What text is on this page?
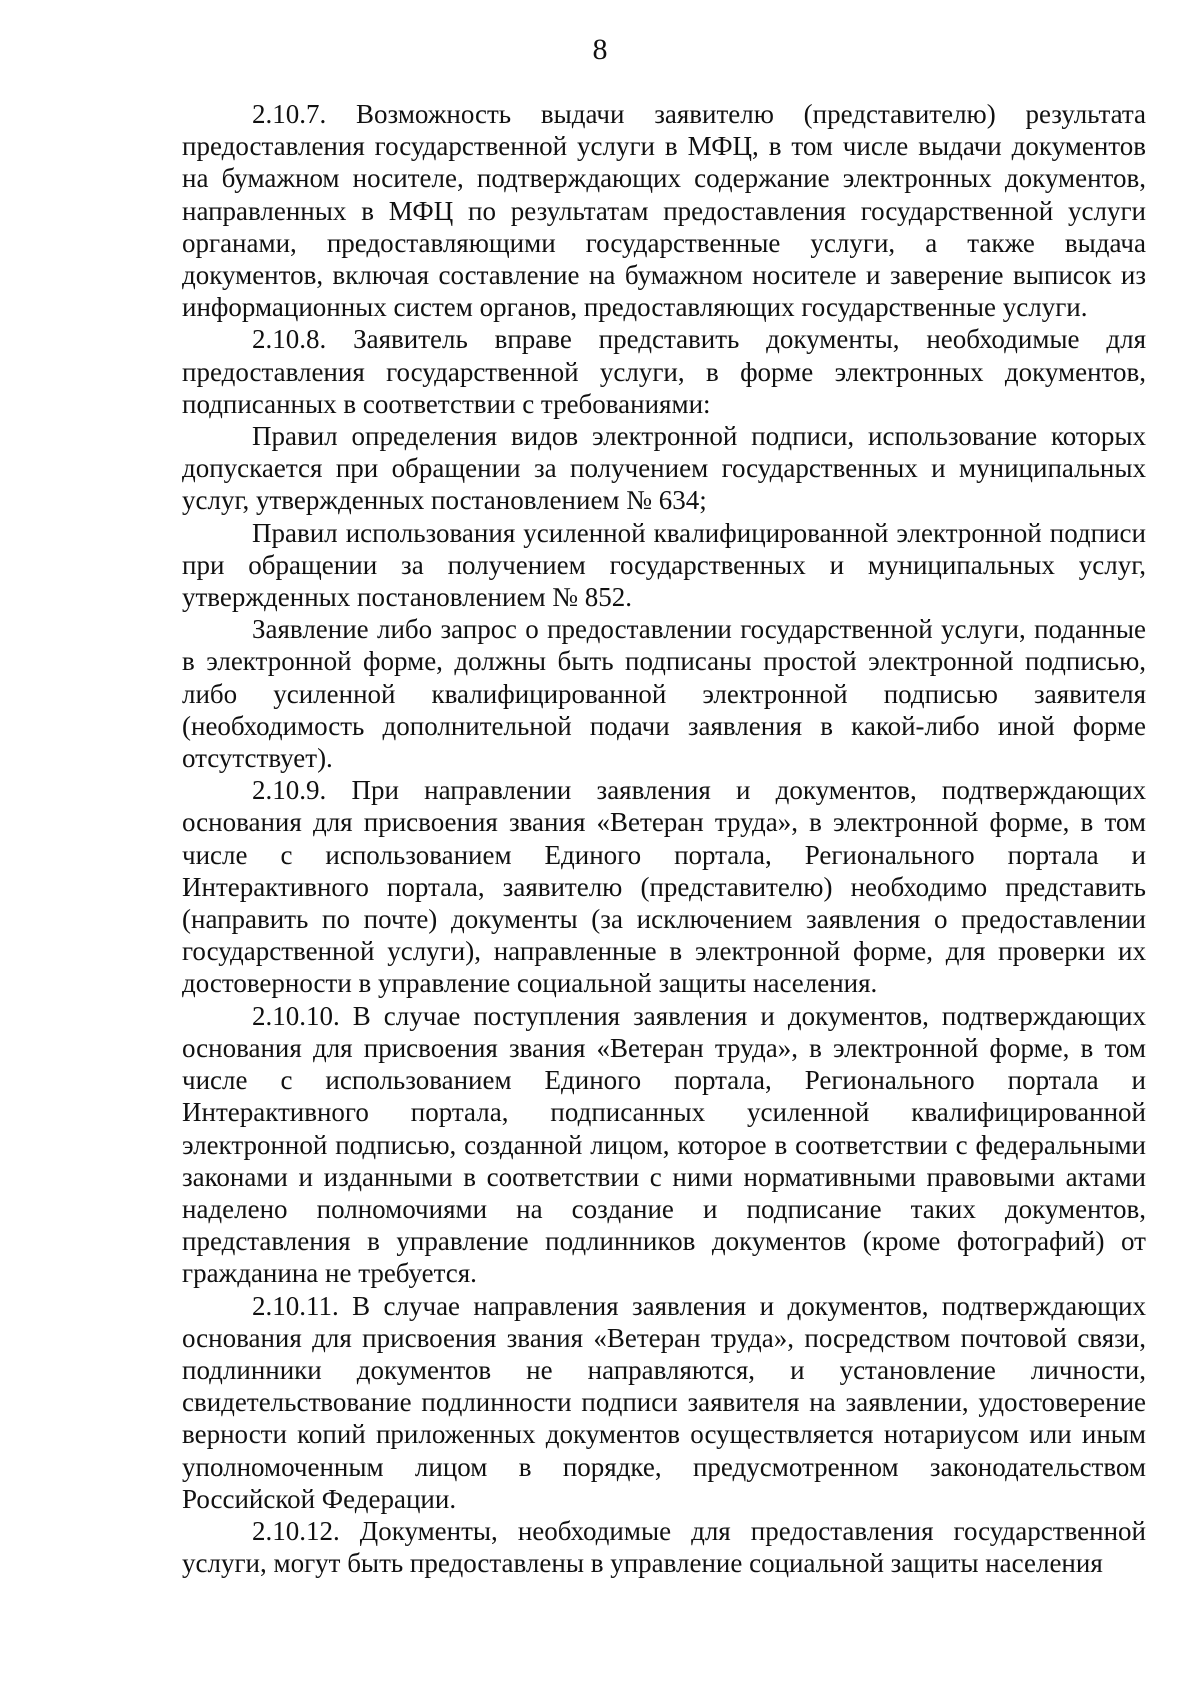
8

2.10.7. Возможность выдачи заявителю (представителю) результата предоставления государственной услуги в МФЦ, в том числе выдачи документов на бумажном носителе, подтверждающих содержание электронных документов, направленных в МФЦ по результатам предоставления государственной услуги органами, предоставляющими государственные услуги, а также выдача документов, включая составление на бумажном носителе и заверение выписок из информационных систем органов, предоставляющих государственные услуги.

2.10.8. Заявитель вправе представить документы, необходимые для предоставления государственной услуги, в форме электронных документов, подписанных в соответствии с требованиями:

Правил определения видов электронной подписи, использование которых допускается при обращении за получением государственных и муниципальных услуг, утвержденных постановлением № 634;

Правил использования усиленной квалифицированной электронной подписи при обращении за получением государственных и муниципальных услуг, утвержденных постановлением № 852.

Заявление либо запрос о предоставлении государственной услуги, поданные в электронной форме, должны быть подписаны простой электронной подписью, либо усиленной квалифицированной электронной подписью заявителя (необходимость дополнительной подачи заявления в какой-либо иной форме отсутствует).

2.10.9. При направлении заявления и документов, подтверждающих основания для присвоения звания «Ветеран труда», в электронной форме, в том числе с использованием Единого портала, Регионального портала и Интерактивного портала, заявителю (представителю) необходимо представить (направить по почте) документы (за исключением заявления о предоставлении государственной услуги), направленные в электронной форме, для проверки их достоверности в управление социальной защиты населения.

2.10.10. В случае поступления заявления и документов, подтверждающих основания для присвоения звания «Ветеран труда», в электронной форме, в том числе с использованием Единого портала, Регионального портала и Интерактивного портала, подписанных усиленной квалифицированной электронной подписью, созданной лицом, которое в соответствии с федеральными законами и изданными в соответствии с ними нормативными правовыми актами наделено полномочиями на создание и подписание таких документов, представления в управление подлинников документов (кроме фотографий) от гражданина не требуется.

2.10.11. В случае направления заявления и документов, подтверждающих основания для присвоения звания «Ветеран труда», посредством почтовой связи, подлинники документов не направляются, и установление личности, свидетельствование подлинности подписи заявителя на заявлении, удостоверение верности копий приложенных документов осуществляется нотариусом или иным уполномоченным лицом в порядке, предусмотренном законодательством Российской Федерации.

2.10.12. Документы, необходимые для предоставления государственной услуги, могут быть предоставлены в управление социальной защиты населения
